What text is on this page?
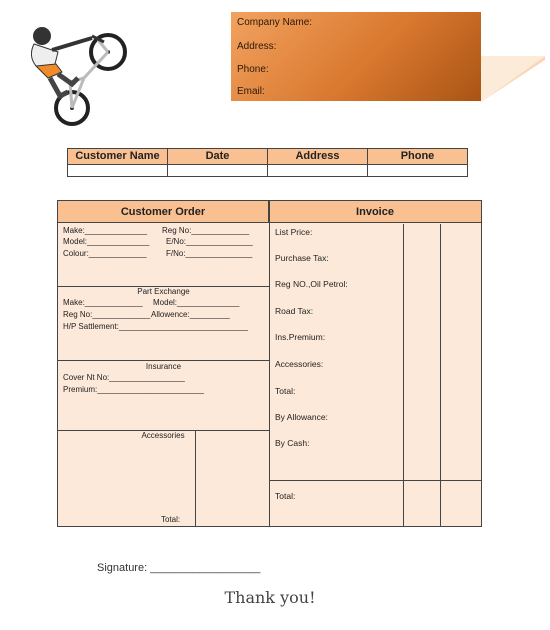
Company Name:
Address:
Phone:
Email:
Customer Name	Date	Address	Phone
Customer Order	Invoice
Make:______________ Reg No:_____________
Model:______________ E/No:_______________
Colour:_____________ F/No:_______________
Part Exchange
Make:_____________ Model:______________
Reg No:_____________ Allowence:_________
H/P Sattlement:_____________________________
Insurance
Cover Nt No:_________________
Premium:________________________
Accessories
Total:
List Price:
Purchase Tax:
Reg NO.,Oil Petrol:
Road Tax:
Ins.Premium:
Accessories:
Total:
By Allowance:
By Cash:
Total:
Signature: __________________
Thank you!
